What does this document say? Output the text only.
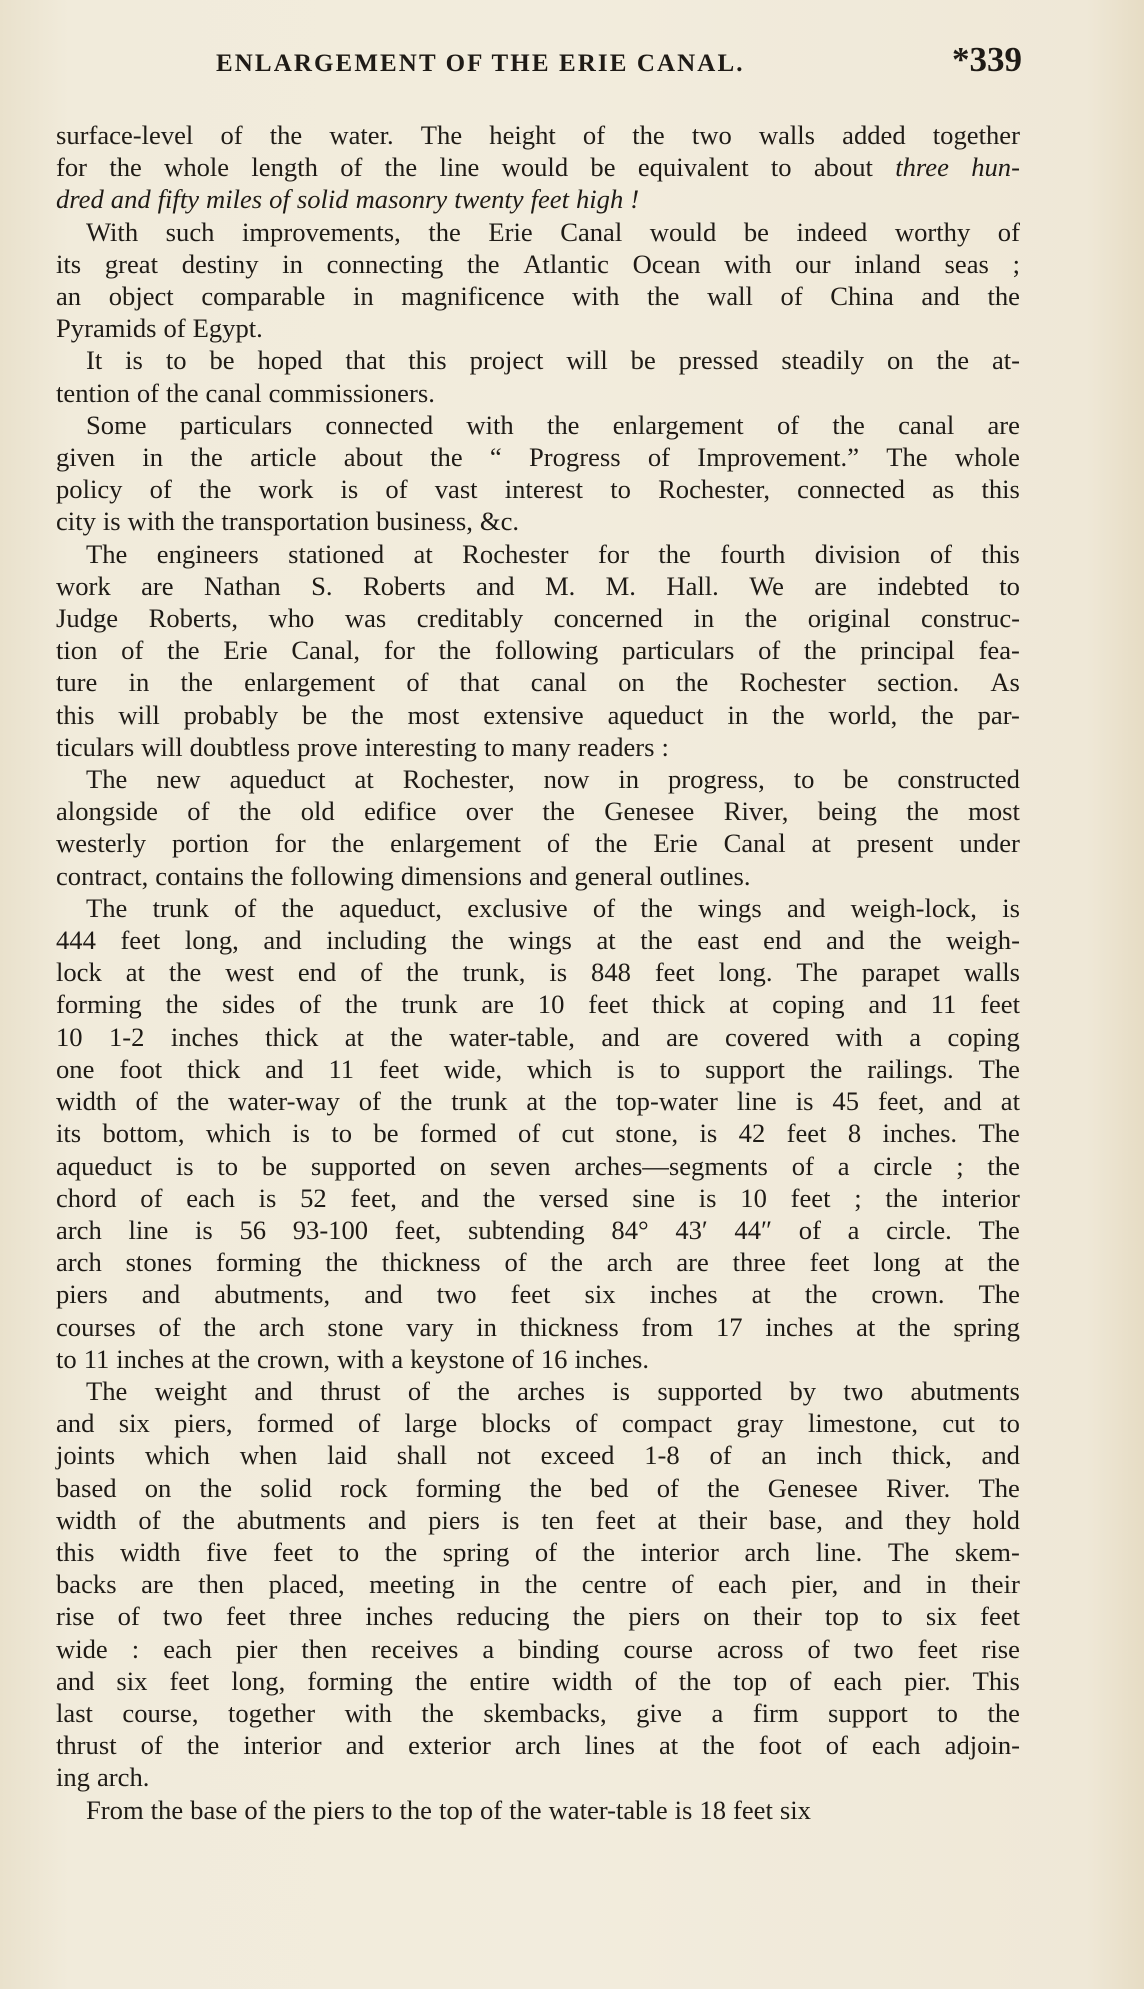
ENLARGEMENT OF THE ERIE CANAL.	*339
surface-level of the water. The height of the two walls added together
for the whole length of the line would be equivalent to about three hun-
dred and fifty miles of solid masonry twenty feet high !
With such improvements, the Erie Canal would be indeed worthy of
its great destiny in connecting the Atlantic Ocean with our inland seas ;
an object comparable in magnificence with the wall of China and the
Pyramids of Egypt.
It is to be hoped that this project will be pressed steadily on the at-
tention of the canal commissioners.
Some particulars connected with the enlargement of the canal are
given in the article about the “ Progress of Improvement.” The whole
policy of the work is of vast interest to Rochester, connected as this
city is with the transportation business, &c.
The engineers stationed at Rochester for the fourth division of this
work are Nathan S. Roberts and M. M. Hall. We are indebted to
Judge Roberts, who was creditably concerned in the original construc-
tion of the Erie Canal, for the following particulars of the principal fea-
ture in the enlargement of that canal on the Rochester section. As
this will probably be the most extensive aqueduct in the world, the par-
ticulars will doubtless prove interesting to many readers :
The new aqueduct at Rochester, now in progress, to be constructed
alongside of the old edifice over the Genesee River, being the most
westerly portion for the enlargement of the Erie Canal at present under
contract, contains the following dimensions and general outlines.
The trunk of the aqueduct, exclusive of the wings and weigh-lock, is
444 feet long, and including the wings at the east end and the weigh-
lock at the west end of the trunk, is 848 feet long. The parapet walls
forming the sides of the trunk are 10 feet thick at coping and 11 feet
10 1-2 inches thick at the water-table, and are covered with a coping
one foot thick and 11 feet wide, which is to support the railings. The
width of the water-way of the trunk at the top-water line is 45 feet, and at
its bottom, which is to be formed of cut stone, is 42 feet 8 inches. The
aqueduct is to be supported on seven arches—segments of a circle ; the
chord of each is 52 feet, and the versed sine is 10 feet ; the interior
arch line is 56 93-100 feet, subtending 84° 43′ 44″ of a circle. The
arch stones forming the thickness of the arch are three feet long at the
piers and abutments, and two feet six inches at the crown. The
courses of the arch stone vary in thickness from 17 inches at the spring
to 11 inches at the crown, with a keystone of 16 inches.
The weight and thrust of the arches is supported by two abutments
and six piers, formed of large blocks of compact gray limestone, cut to
joints which when laid shall not exceed 1-8 of an inch thick, and
based on the solid rock forming the bed of the Genesee River. The
width of the abutments and piers is ten feet at their base, and they hold
this width five feet to the spring of the interior arch line. The skem-
backs are then placed, meeting in the centre of each pier, and in their
rise of two feet three inches reducing the piers on their top to six feet
wide : each pier then receives a binding course across of two feet rise
and six feet long, forming the entire width of the top of each pier. This
last course, together with the skembacks, give a firm support to the
thrust of the interior and exterior arch lines at the foot of each adjoin-
ing arch.
From the base of the piers to the top of the water-table is 18 feet six
